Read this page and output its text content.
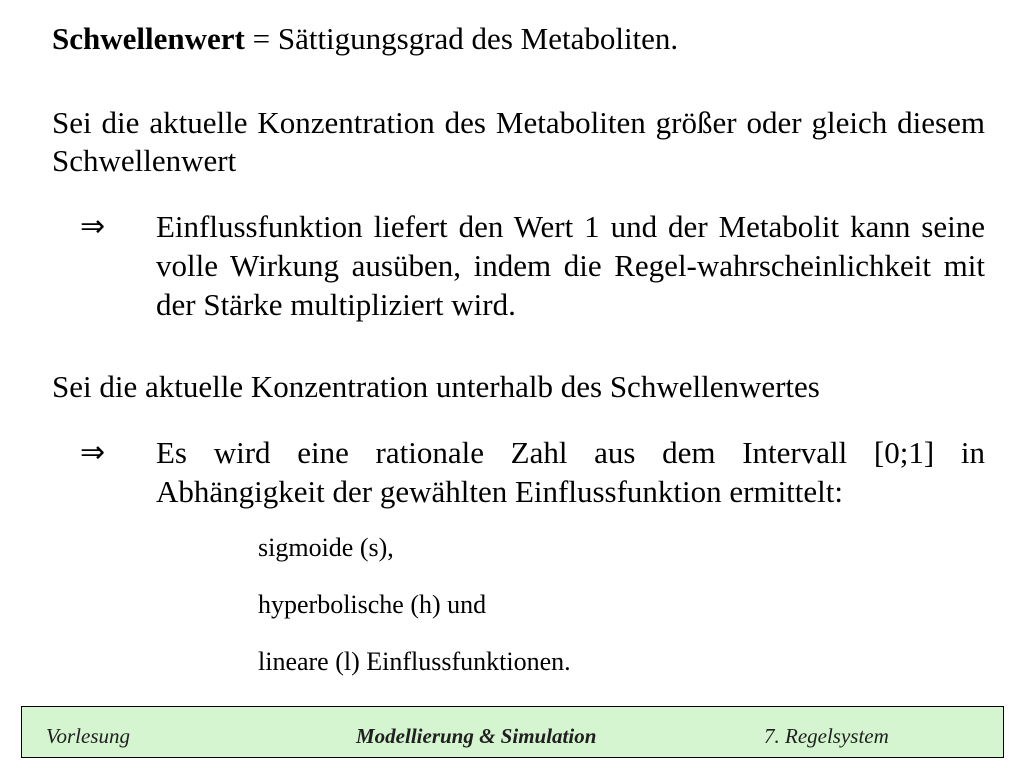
Schwellenwert = Sättigungsgrad des Metaboliten.
Sei die aktuelle Konzentration des Metaboliten größer oder gleich diesem Schwellenwert
⇒ Einflussfunktion liefert den Wert 1 und der Metabolit kann seine volle Wirkung ausüben, indem die Regel-wahrscheinlichkeit mit der Stärke multipliziert wird.
Sei die aktuelle Konzentration unterhalb des Schwellenwertes
⇒ Es wird eine rationale Zahl aus dem Intervall [0;1] in Abhängigkeit der gewählten Einflussfunktion ermittelt:
sigmoide (s),
hyperbolische (h) und
lineare (l) Einflussfunktionen.
Vorlesung	Modellierung & Simulation	7. Regelsystem
